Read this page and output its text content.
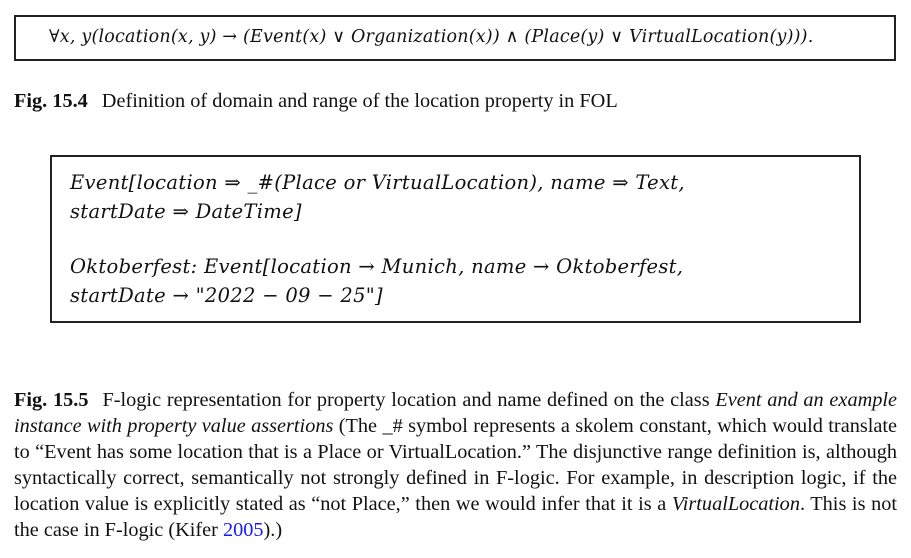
∀x, y(location(x, y) → (Event(x) ∨ Organization(x)) ∧ (Place(y) ∨ VirtualLocation(y))).
Fig. 15.4 Definition of domain and range of the location property in FOL
Event[location ⇒ _#(Place or VirtualLocation), name ⇒ Text,
startDate ⇒ DateTime]
Oktoberfest: Event[location → Munich, name → Oktoberfest,
startDate → "2022 − 09 − 25"]
Fig. 15.5 F-logic representation for property location and name defined on the class Event and an example instance with property value assertions (The _# symbol represents a skolem constant, which would translate to “Event has some location that is a Place or VirtualLocation.” The disjunctive range definition is, although syntactically correct, semantically not strongly defined in F-logic. For example, in description logic, if the location value is explicitly stated as “not Place,” then we would infer that it is a VirtualLocation. This is not the case in F-logic (Kifer 2005).)
